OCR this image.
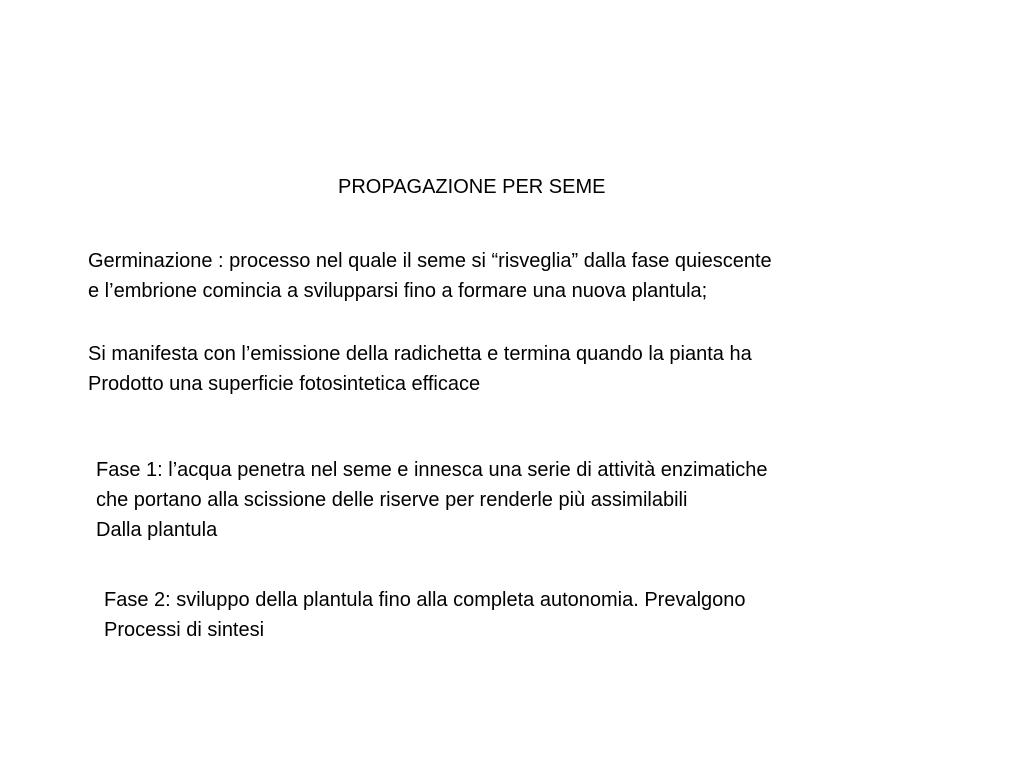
PROPAGAZIONE PER SEME
Germinazione : processo nel quale il seme si “risveglia” dalla fase quiescente
e l’embrione comincia a svilupparsi fino a formare una nuova plantula;
Si manifesta con l’emissione della radichetta e termina quando la pianta ha
Prodotto una superficie fotosintetica efficace
Fase 1: l’acqua penetra nel seme e innesca una serie di attività enzimatiche
che portano alla scissione delle riserve per renderle più assimilabili
Dalla plantula
Fase 2: sviluppo della plantula fino alla completa autonomia. Prevalgono
Processi di sintesi
